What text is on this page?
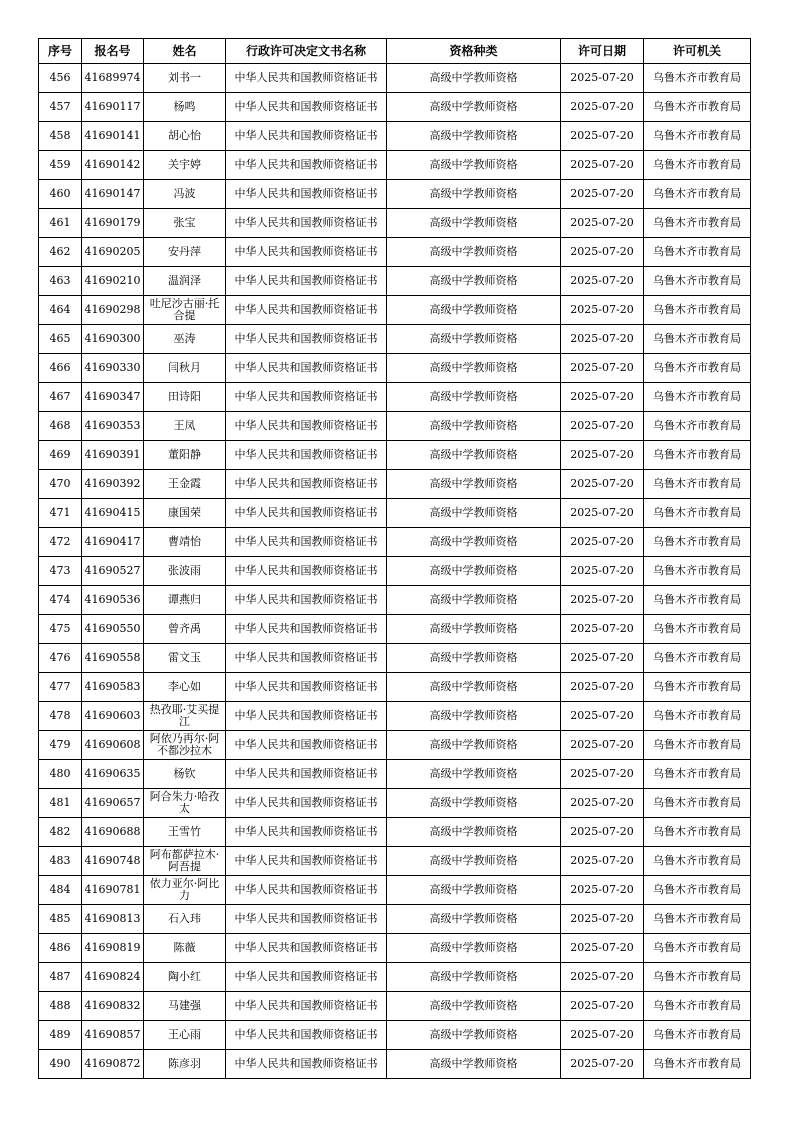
序号	报名号	姓名	行政许可决定文书名称	资格种类	许可日期	许可机关
456	41689974	刘书一	中华人民共和国教师资格证书	高级中学教师资格	2025-07-20	乌鲁木齐市教育局
457	41690117	杨鸣	中华人民共和国教师资格证书	高级中学教师资格	2025-07-20	乌鲁木齐市教育局
458	41690141	胡心怡	中华人民共和国教师资格证书	高级中学教师资格	2025-07-20	乌鲁木齐市教育局
459	41690142	关宇婷	中华人民共和国教师资格证书	高级中学教师资格	2025-07-20	乌鲁木齐市教育局
460	41690147	冯波	中华人民共和国教师资格证书	高级中学教师资格	2025-07-20	乌鲁木齐市教育局
461	41690179	张宝	中华人民共和国教师资格证书	高级中学教师资格	2025-07-20	乌鲁木齐市教育局
462	41690205	安丹萍	中华人民共和国教师资格证书	高级中学教师资格	2025-07-20	乌鲁木齐市教育局
463	41690210	温润泽	中华人民共和国教师资格证书	高级中学教师资格	2025-07-20	乌鲁木齐市教育局
464	41690298	吐尼沙古丽·托合提	中华人民共和国教师资格证书	高级中学教师资格	2025-07-20	乌鲁木齐市教育局
465	41690300	巫涛	中华人民共和国教师资格证书	高级中学教师资格	2025-07-20	乌鲁木齐市教育局
466	41690330	闫秋月	中华人民共和国教师资格证书	高级中学教师资格	2025-07-20	乌鲁木齐市教育局
467	41690347	田诗阳	中华人民共和国教师资格证书	高级中学教师资格	2025-07-20	乌鲁木齐市教育局
468	41690353	王凤	中华人民共和国教师资格证书	高级中学教师资格	2025-07-20	乌鲁木齐市教育局
469	41690391	董阳静	中华人民共和国教师资格证书	高级中学教师资格	2025-07-20	乌鲁木齐市教育局
470	41690392	王金霞	中华人民共和国教师资格证书	高级中学教师资格	2025-07-20	乌鲁木齐市教育局
471	41690415	康国荣	中华人民共和国教师资格证书	高级中学教师资格	2025-07-20	乌鲁木齐市教育局
472	41690417	曹靖怡	中华人民共和国教师资格证书	高级中学教师资格	2025-07-20	乌鲁木齐市教育局
473	41690527	张波雨	中华人民共和国教师资格证书	高级中学教师资格	2025-07-20	乌鲁木齐市教育局
474	41690536	谭燕归	中华人民共和国教师资格证书	高级中学教师资格	2025-07-20	乌鲁木齐市教育局
475	41690550	曾齐禹	中华人民共和国教师资格证书	高级中学教师资格	2025-07-20	乌鲁木齐市教育局
476	41690558	雷文玉	中华人民共和国教师资格证书	高级中学教师资格	2025-07-20	乌鲁木齐市教育局
477	41690583	李心如	中华人民共和国教师资格证书	高级中学教师资格	2025-07-20	乌鲁木齐市教育局
478	41690603	热孜耶·艾买提江	中华人民共和国教师资格证书	高级中学教师资格	2025-07-20	乌鲁木齐市教育局
479	41690608	阿依乃再尔·阿不都沙拉木	中华人民共和国教师资格证书	高级中学教师资格	2025-07-20	乌鲁木齐市教育局
480	41690635	杨钦	中华人民共和国教师资格证书	高级中学教师资格	2025-07-20	乌鲁木齐市教育局
481	41690657	阿合朱力·哈孜太	中华人民共和国教师资格证书	高级中学教师资格	2025-07-20	乌鲁木齐市教育局
482	41690688	王雪竹	中华人民共和国教师资格证书	高级中学教师资格	2025-07-20	乌鲁木齐市教育局
483	41690748	阿布都萨拉木·阿吾提	中华人民共和国教师资格证书	高级中学教师资格	2025-07-20	乌鲁木齐市教育局
484	41690781	依力亚尔·阿比力	中华人民共和国教师资格证书	高级中学教师资格	2025-07-20	乌鲁木齐市教育局
485	41690813	石入玮	中华人民共和国教师资格证书	高级中学教师资格	2025-07-20	乌鲁木齐市教育局
486	41690819	陈薇	中华人民共和国教师资格证书	高级中学教师资格	2025-07-20	乌鲁木齐市教育局
487	41690824	陶小红	中华人民共和国教师资格证书	高级中学教师资格	2025-07-20	乌鲁木齐市教育局
488	41690832	马建强	中华人民共和国教师资格证书	高级中学教师资格	2025-07-20	乌鲁木齐市教育局
489	41690857	王心雨	中华人民共和国教师资格证书	高级中学教师资格	2025-07-20	乌鲁木齐市教育局
490	41690872	陈彦羽	中华人民共和国教师资格证书	高级中学教师资格	2025-07-20	乌鲁木齐市教育局
